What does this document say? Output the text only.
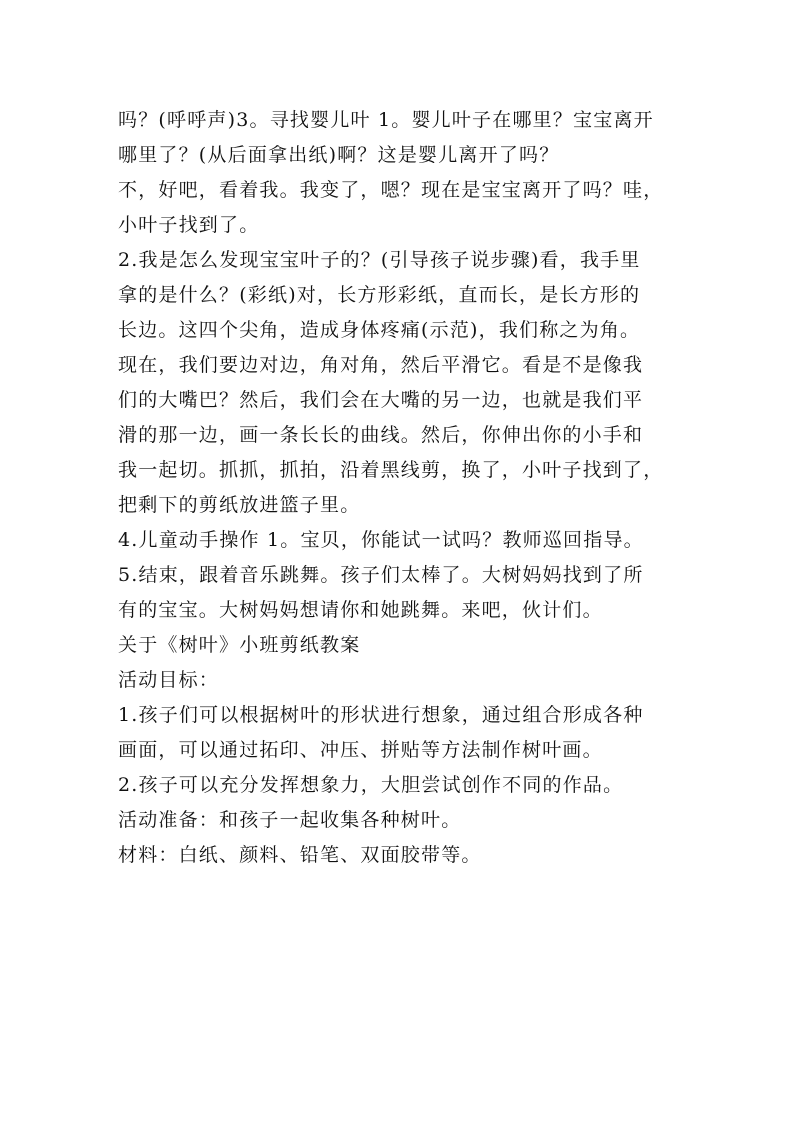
吗？(呼呼声)3。寻找婴儿叶 1。婴儿叶子在哪里？宝宝离开
哪里了？(从后面拿出纸)啊？这是婴儿离开了吗？
不，好吧，看着我。我变了，嗯？现在是宝宝离开了吗？哇，
小叶子找到了。
2.我是怎么发现宝宝叶子的？(引导孩子说步骤)看，我手里
拿的是什么？(彩纸)对，长方形彩纸，直而长，是长方形的
长边。这四个尖角，造成身体疼痛(示范)，我们称之为角。
现在，我们要边对边，角对角，然后平滑它。看是不是像我
们的大嘴巴？然后，我们会在大嘴的另一边，也就是我们平
滑的那一边，画一条长长的曲线。然后，你伸出你的小手和
我一起切。抓抓，抓拍，沿着黑线剪，换了，小叶子找到了，
把剩下的剪纸放进篮子里。
4.儿童动手操作 1。宝贝，你能试一试吗？教师巡回指导。
5.结束，跟着音乐跳舞。孩子们太棒了。大树妈妈找到了所
有的宝宝。大树妈妈想请你和她跳舞。来吧，伙计们。
关于《树叶》小班剪纸教案
活动目标：
1.孩子们可以根据树叶的形状进行想象，通过组合形成各种
画面，可以通过拓印、冲压、拼贴等方法制作树叶画。
2.孩子可以充分发挥想象力，大胆尝试创作不同的作品。
活动准备：和孩子一起收集各种树叶。
材料：白纸、颜料、铅笔、双面胶带等。
